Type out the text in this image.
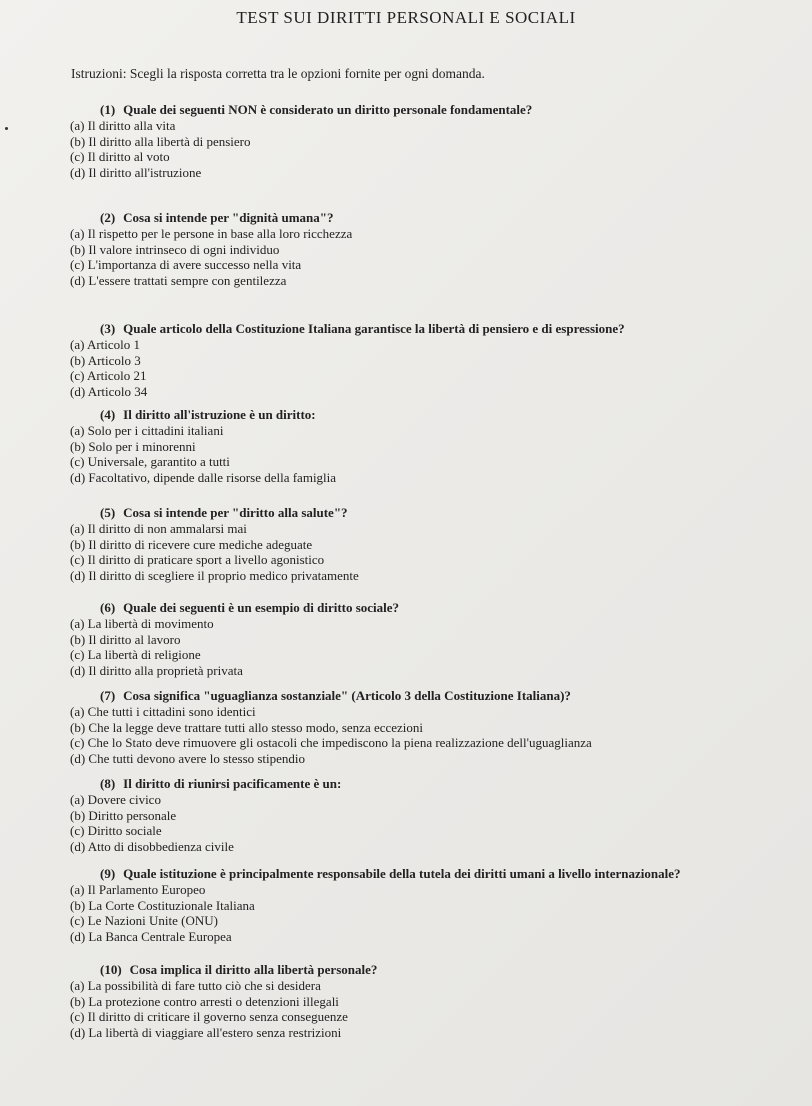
TEST SUI DIRITTI PERSONALI E SOCIALI

Istruzioni: Scegli la risposta corretta tra le opzioni fornite per ogni domanda.

(1) Quale dei seguenti NON è considerato un diritto personale fondamentale?

(a) Il diritto alla vita
(b) Il diritto alla libertà di pensiero
(c) Il diritto al voto
(d) Il diritto all'istruzione

(2) Cosa si intende per "dignità umana"?

(a) Il rispetto per le persone in base alla loro ricchezza
(b) Il valore intrinseco di ogni individuo
(c) L'importanza di avere successo nella vita
(d) L'essere trattati sempre con gentilezza

(3) Quale articolo della Costituzione Italiana garantisce la libertà di pensiero e di espressione?

(a) Articolo 1
(b) Articolo 3
(c) Articolo 21
(d) Articolo 34

(4) Il diritto all'istruzione è un diritto:

(a) Solo per i cittadini italiani
(b) Solo per i minorenni
(c) Universale, garantito a tutti
(d) Facoltativo, dipende dalle risorse della famiglia

(5) Cosa si intende per "diritto alla salute"?

(a) Il diritto di non ammalarsi mai
(b) Il diritto di ricevere cure mediche adeguate
(c) Il diritto di praticare sport a livello agonistico
(d) Il diritto di scegliere il proprio medico privatamente

(6) Quale dei seguenti è un esempio di diritto sociale?

(a) La libertà di movimento
(b) Il diritto al lavoro
(c) La libertà di religione
(d) Il diritto alla proprietà privata

(7) Cosa significa "uguaglianza sostanziale" (Articolo 3 della Costituzione Italiana)?

(a) Che tutti i cittadini sono identici
(b) Che la legge deve trattare tutti allo stesso modo, senza eccezioni
(c) Che lo Stato deve rimuovere gli ostacoli che impediscono la piena realizzazione dell'uguaglianza
(d) Che tutti devono avere lo stesso stipendio

(8) Il diritto di riunirsi pacificamente è un:

(a) Dovere civico
(b) Diritto personale
(c) Diritto sociale
(d) Atto di disobbedienza civile

(9) Quale istituzione è principalmente responsabile della tutela dei diritti umani a livello internazionale?

(a) Il Parlamento Europeo
(b) La Corte Costituzionale Italiana
(c) Le Nazioni Unite (ONU)
(d) La Banca Centrale Europea

(10) Cosa implica il diritto alla libertà personale?

(a) La possibilità di fare tutto ciò che si desidera
(b) La protezione contro arresti o detenzioni illegali
(c) Il diritto di criticare il governo senza conseguenze
(d) La libertà di viaggiare all'estero senza restrizioni
